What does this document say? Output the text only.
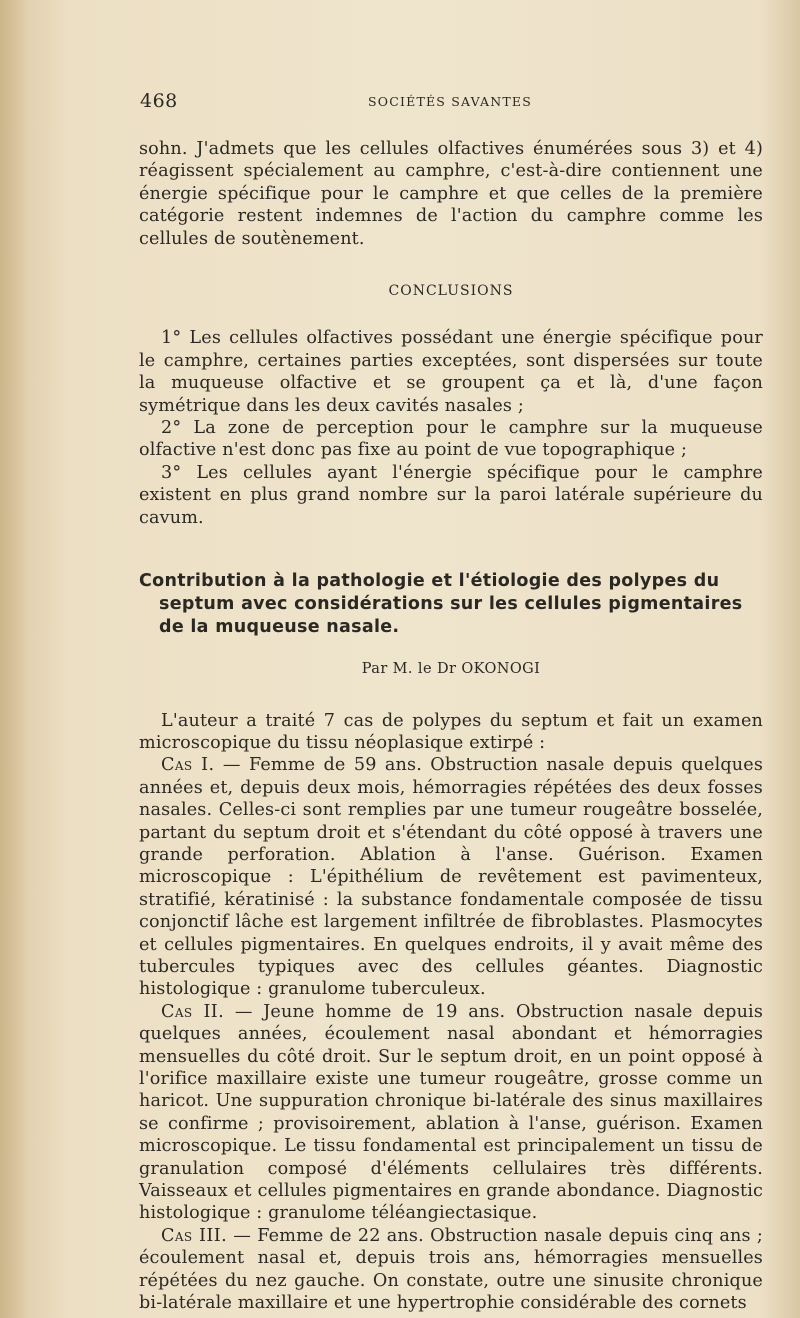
468	SOCIÉTÉS SAVANTES

sohn. J'admets que les cellules olfactives énumérées sous 3) et 4) réagissent spécialement au camphre, c'est-à-dire contiennent une énergie spécifique pour le camphre et que celles de la première catégorie restent indemnes de l'action du camphre comme les cellules de soutènement.

CONCLUSIONS

1° Les cellules olfactives possédant une énergie spécifique pour le camphre, certaines parties exceptées, sont dispersées sur toute la muqueuse olfactive et se groupent ça et là, d'une façon symétrique dans les deux cavités nasales ;

2° La zone de perception pour le camphre sur la muqueuse olfactive n'est donc pas fixe au point de vue topographique ;

3° Les cellules ayant l'énergie spécifique pour le camphre existent en plus grand nombre sur la paroi latérale supérieure du cavum.

Contribution à la pathologie et l'étiologie des polypes du septum avec considérations sur les cellules pigmentaires de la muqueuse nasale.
Par M. le Dr OKONOGI

L'auteur a traité 7 cas de polypes du septum et fait un examen microscopique du tissu néoplasique extirpé :

Cas I. — Femme de 59 ans. Obstruction nasale depuis quelques années et, depuis deux mois, hémorragies répétées des deux fosses nasales. Celles-ci sont remplies par une tumeur rougeâtre bosselée, partant du septum droit et s'étendant du côté opposé à travers une grande perforation. Ablation à l'anse. Guérison. Examen microscopique : L'épithélium de revêtement est pavimenteux, stratifié, kératinisé : la substance fondamentale composée de tissu conjonctif lâche est largement infiltrée de fibroblastes. Plasmocytes et cellules pigmentaires. En quelques endroits, il y avait même des tubercules typiques avec des cellules géantes. Diagnostic histologique : granulome tuberculeux.

Cas II. — Jeune homme de 19 ans. Obstruction nasale depuis quelques années, écoulement nasal abondant et hémorragies mensuelles du côté droit. Sur le septum droit, en un point opposé à l'orifice maxillaire existe une tumeur rougeâtre, grosse comme un haricot. Une suppuration chronique bi-latérale des sinus maxillaires se confirme ; provisoirement, ablation à l'anse, guérison. Examen microscopique. Le tissu fondamental est principalement un tissu de granulation composé d'éléments cellulaires très différents. Vaisseaux et cellules pigmentaires en grande abondance. Diagnostic histologique : granulome téléangiectasique.

Cas III. — Femme de 22 ans. Obstruction nasale depuis cinq ans ; écoulement nasal et, depuis trois ans, hémorragies mensuelles répétées du nez gauche. On constate, outre une sinusite chronique bi-latérale maxillaire et une hypertrophie considérable des cornets
